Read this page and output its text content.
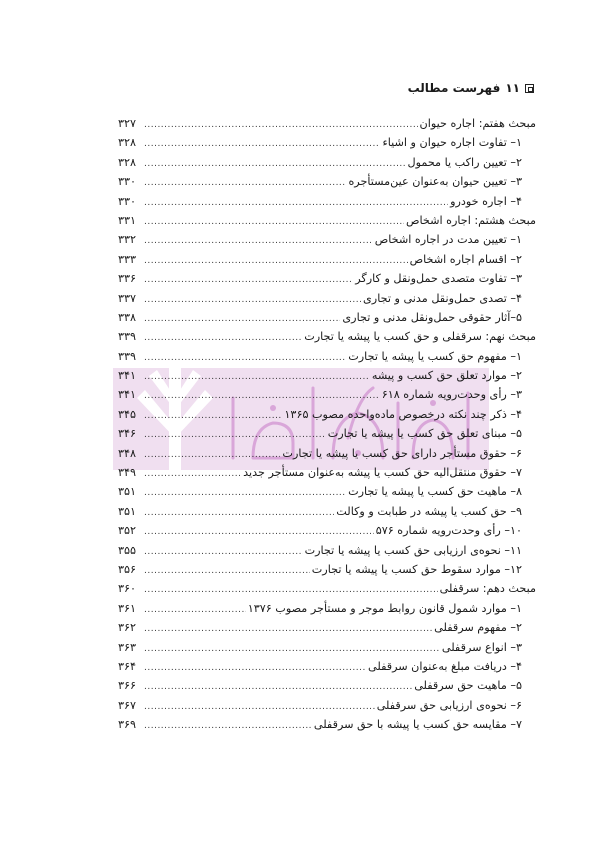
فهرست مطالب ۱۱
مبحث هفتم: اجاره حیوان
.....
۳۲۷
۱– تفاوت اجاره حیوان و اشیاء
.....
۳۲۸
۲– تعیین راکب یا محمول
.....
۳۲۸
۳– تعیین حیوان به‌عنوان عین‌مستأجره
.....
۳۳۰
۴– اجاره خودرو
.....
۳۳۰
مبحث هشتم: اجاره اشخاص
.....
۳۳۱
۱– تعیین مدت در اجاره اشخاص
.....
۳۳۲
۲– اقسام اجاره اشخاص
.....
۳۳۳
۳– تفاوت متصدی حمل‌ونقل و کارگر
.....
۳۳۶
۴– تصدی حمل‌ونقل مدنی و تجاری
.....
۳۳۷
۵–آثار حقوقی حمل‌ونقل مدنی و تجاری
.....
۳۳۸
مبحث نهم: سرقفلی و حق کسب یا پیشه یا تجارت
.....
۳۳۹
۱– مفهوم حق کسب یا پیشه یا تجارت
.....
۳۳۹
۲– موارد تعلق حق کسب و پیشه
.....
۳۴۱
۳– رأی وحدت‌رویه شماره ۶۱۸
.....
۳۴۱
۴– ذکر چند نکته درخصوص ماده‌واحده مصوب ۱۳۶۵
.....
۳۴۵
۵– مبنای تعلق حق کسب یا پیشه یا تجارت
.....
۳۴۶
۶– حقوق مستأجر دارای حق کسب یا پیشه یا تجارت
.....
۳۴۸
۷– حقوق منتقل‌الیه حق کسب یا پیشه به‌عنوان مستأجر جدید
.....
۳۴۹
۸– ماهیت حق کسب یا پیشه یا تجارت
.....
۳۵۱
۹– حق کسب یا پیشه در طبابت و وکالت
.....
۳۵۱
۱۰– رأی وحدت‌رویه شماره ۵۷۶
.....
۳۵۲
۱۱– نحوه‌ی ارزیابی حق کسب یا پیشه یا تجارت
.....
۳۵۵
۱۲– موارد سقوط حق کسب یا پیشه یا تجارت
.....
۳۵۶
مبحث دهم: سرقفلی
.....
۳۶۰
۱– موارد شمول قانون روابط موجر و مستأجر مصوب ۱۳۷۶
.....
۳۶۱
۲– مفهوم سرقفلی
.....
۳۶۲
۳– انواع سرقفلی
.....
۳۶۳
۴– دریافت مبلغ به‌عنوان سرقفلی
.....
۳۶۴
۵– ماهیت حق سرقفلی
.....
۳۶۶
۶– نحوه‌ی ارزیابی حق سرقفلی
.....
۳۶۷
۷– مقایسه حق کسب یا پیشه با حق سرقفلی
.....
۳۶۹
